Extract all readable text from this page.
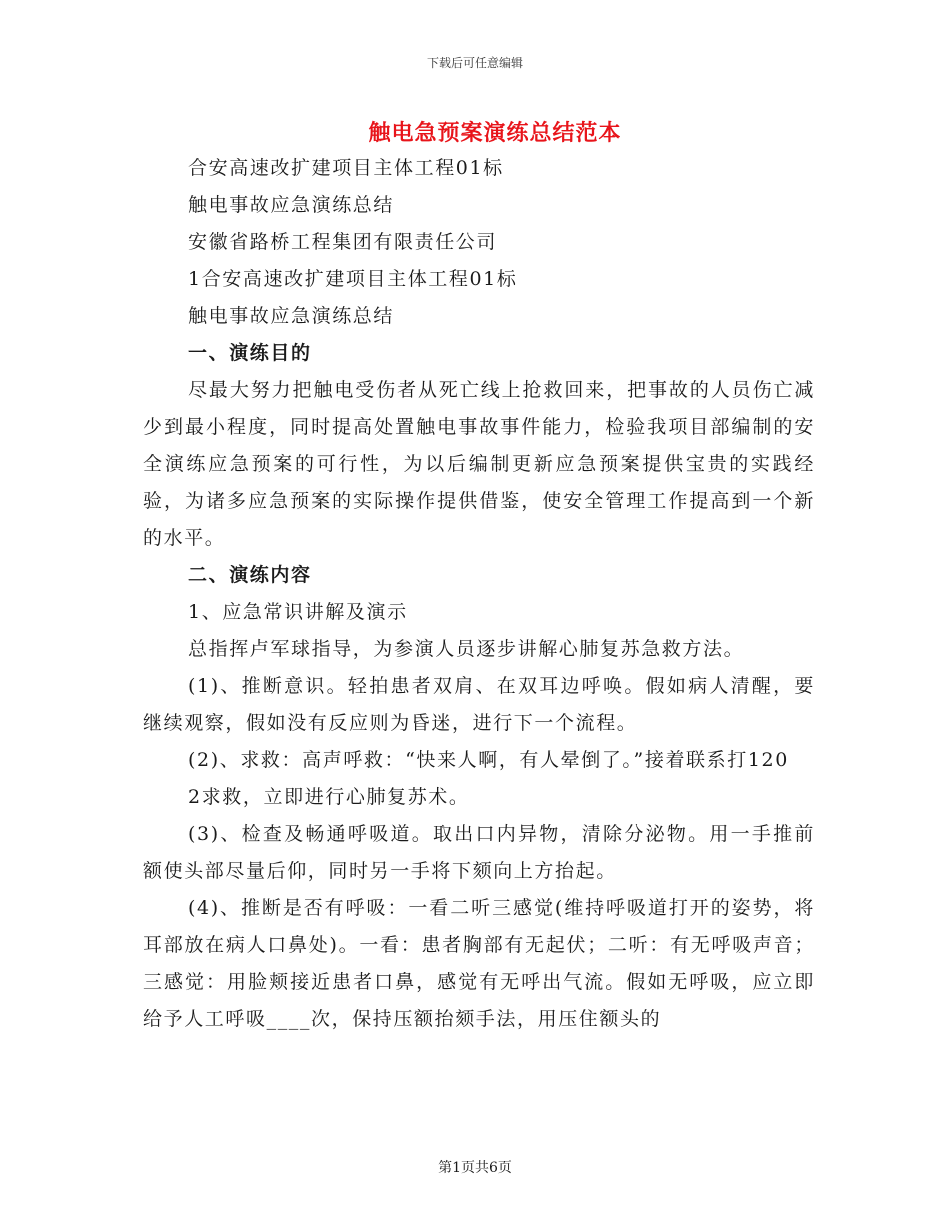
下载后可任意编辑
触电急预案演练总结范本

合安高速改扩建项目主体工程01标

触电事故应急演练总结

安徽省路桥工程集团有限责任公司

1合安高速改扩建项目主体工程01标

触电事故应急演练总结

一、演练目的

尽最大努力把触电受伤者从死亡线上抢救回来，把事故的人员伤亡减少到最小程度，同时提高处置触电事故事件能力，检验我项目部编制的安全演练应急预案的可行性，为以后编制更新应急预案提供宝贵的实践经验，为诸多应急预案的实际操作提供借鉴，使安全管理工作提高到一个新的水平。

二、演练内容

1、应急常识讲解及演示

总指挥卢军球指导，为参演人员逐步讲解心肺复苏急救方法。

(1)、推断意识。轻拍患者双肩、在双耳边呼唤。假如病人清醒，要继续观察，假如没有反应则为昏迷，进行下一个流程。

(2)、求救：高声呼救：“快来人啊，有人晕倒了。”接着联系打120

2求救，立即进行心肺复苏术。

(3)、检查及畅通呼吸道。取出口内异物，清除分泌物。用一手推前额使头部尽量后仰，同时另一手将下颏向上方抬起。

(4)、推断是否有呼吸：一看二听三感觉(维持呼吸道打开的姿势，将耳部放在病人口鼻处)。一看：患者胸部有无起伏；二听：有无呼吸声音；三感觉：用脸颊接近患者口鼻，感觉有无呼出气流。假如无呼吸，应立即给予人工呼吸____次，保持压额抬颏手法，用压住额头的

第1页共6页
